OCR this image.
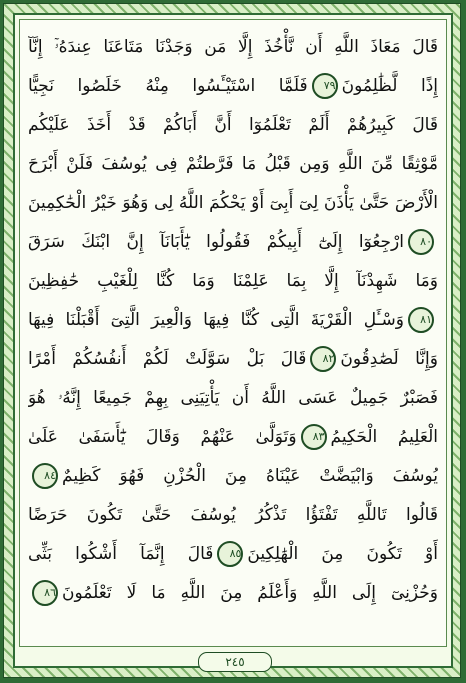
قَالَ مَعَاذَ اللَّهِ أَن نَّأْخُذَ إِلَّا مَن وَجَدْنَا مَتَاعَنَا عِندَهُۥٓ إِنَّآ
إِذًا لَّظَٰلِمُونَ٧٩فَلَمَّا اسْتَيْـَٔسُوا مِنْهُ خَلَصُوا نَجِيًّا
قَالَ كَبِيرُهُمْ أَلَمْ تَعْلَمُوٓا أَنَّ أَبَاكُمْ قَدْ أَخَذَ عَلَيْكُم
مَّوْثِقًا مِّنَ اللَّهِ وَمِن قَبْلُ مَا فَرَّطتُمْ فِى يُوسُفَ فَلَنْ أَبْرَحَ
الْأَرْضَ حَتَّىٰ يَأْذَنَ لِىٓ أَبِىٓ أَوْ يَحْكُمَ اللَّهُ لِى وَهُوَ خَيْرُ الْحَٰكِمِينَ
٨٠ارْجِعُوٓا إِلَىٰٓ أَبِيكُمْ فَقُولُوا يَٰٓأَبَانَآ إِنَّ ابْنَكَ سَرَقَ
وَمَا شَهِدْنَآ إِلَّا بِمَا عَلِمْنَا وَمَا كُنَّا لِلْغَيْبِ حَٰفِظِينَ
٨١وَسْـَٔلِ الْقَرْيَةَ الَّتِى كُنَّا فِيهَا وَالْعِيرَ الَّتِىٓ أَقْبَلْنَا فِيهَا
وَإِنَّا لَصَٰدِقُونَ٨٢قَالَ بَلْ سَوَّلَتْ لَكُمْ أَنفُسُكُمْ أَمْرًا
فَصَبْرٌ جَمِيلٌ عَسَى اللَّهُ أَن يَأْتِيَنِى بِهِمْ جَمِيعًا إِنَّهُۥ هُوَ
الْعَلِيمُ الْحَكِيمُ٨٣وَتَوَلَّىٰ عَنْهُمْ وَقَالَ يَٰٓأَسَفَىٰ عَلَىٰ
يُوسُفَ وَابْيَضَّتْ عَيْنَاهُ مِنَ الْحُزْنِ فَهُوَ كَظِيمٌ٨٤
قَالُوا تَاللَّهِ تَفْتَؤُا تَذْكُرُ يُوسُفَ حَتَّىٰ تَكُونَ حَرَضًا
أَوْ تَكُونَ مِنَ الْهَٰلِكِينَ٨٥قَالَ إِنَّمَآ أَشْكُوا بَثِّى
وَحُزْنِىٓ إِلَى اللَّهِ وَأَعْلَمُ مِنَ اللَّهِ مَا لَا تَعْلَمُونَ٨٦
٢٤٥
